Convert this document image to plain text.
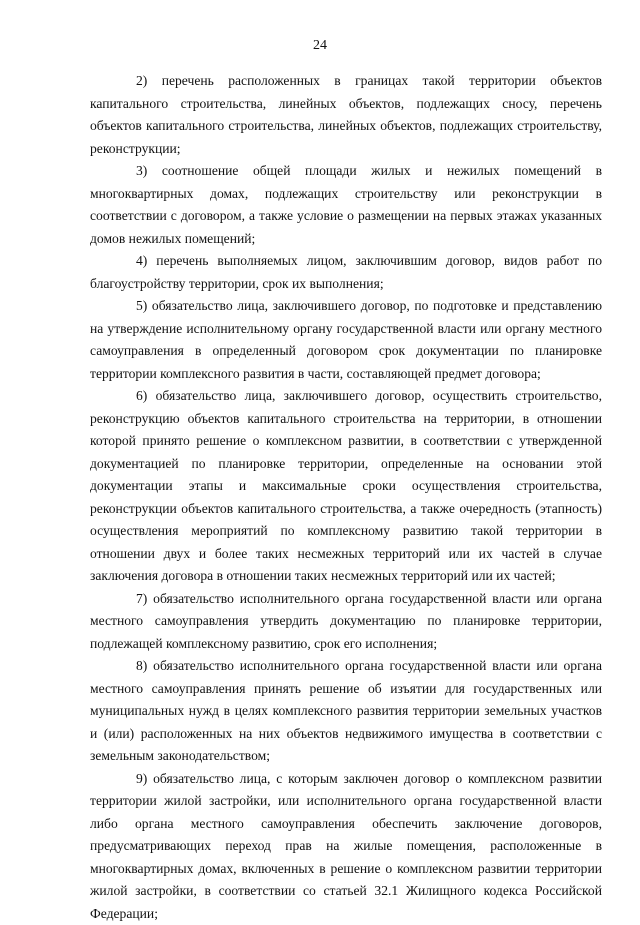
24

2) перечень расположенных в границах такой территории объектов капитального строительства, линейных объектов, подлежащих сносу, перечень объектов капитального строительства, линейных объектов, подлежащих строительству, реконструкции;

3) соотношение общей площади жилых и нежилых помещений в многоквартирных домах, подлежащих строительству или реконструкции в соответствии с договором, а также условие о размещении на первых этажах указанных домов нежилых помещений;

4) перечень выполняемых лицом, заключившим договор, видов работ по благоустройству территории, срок их выполнения;

5) обязательство лица, заключившего договор, по подготовке и представлению на утверждение исполнительному органу государственной власти или органу местного самоуправления в определенный договором срок документации по планировке территории комплексного развития в части, составляющей предмет договора;

6) обязательство лица, заключившего договор, осуществить строительство, реконструкцию объектов капитального строительства на территории, в отношении которой принято решение о комплексном развитии, в соответствии с утвержденной документацией по планировке территории, определенные на основании этой документации этапы и максимальные сроки осуществления строительства, реконструкции объектов капитального строительства, а также очередность (этапность) осуществления мероприятий по комплексному развитию такой территории в отношении двух и более таких несмежных территорий или их частей в случае заключения договора в отношении таких несмежных территорий или их частей;

7) обязательство исполнительного органа государственной власти или органа местного самоуправления утвердить документацию по планировке территории, подлежащей комплексному развитию, срок его исполнения;

8) обязательство исполнительного органа государственной власти или органа местного самоуправления принять решение об изъятии для государственных или муниципальных нужд в целях комплексного развития территории земельных участков и (или) расположенных на них объектов недвижимого имущества в соответствии с земельным законодательством;

9) обязательство лица, с которым заключен договор о комплексном развитии территории жилой застройки, или исполнительного органа государственной власти либо органа местного самоуправления обеспечить заключение договоров, предусматривающих переход прав на жилые помещения, расположенные в многоквартирных домах, включенных в решение о комплексном развитии территории жилой застройки, в соответствии со статьей 32.1 Жилищного кодекса Российской Федерации;
